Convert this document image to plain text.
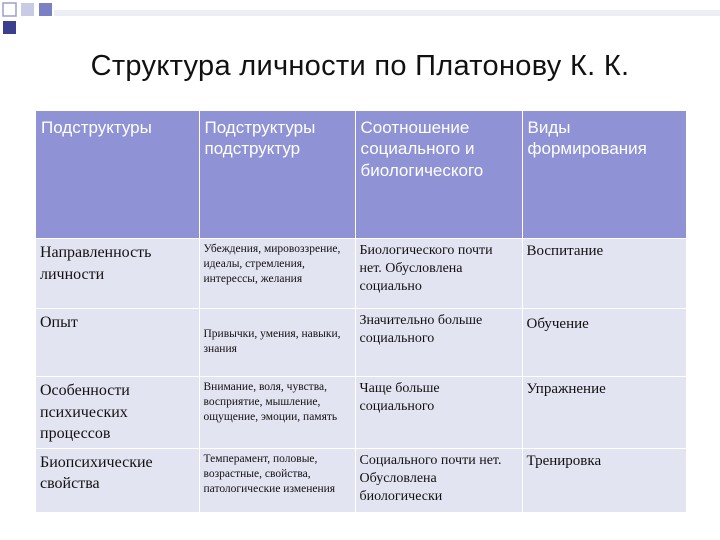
Структура личности по Платонову К. К.
Подструктуры	Подструктуры подструктур	Соотношение социального и биологического	Виды формирования
Направленность личности	Убеждения, мировоззрение, идеалы, стремления, интерессы, желания	Биологического почти нет. Обусловлена социально	Воспитание
Опыт	Привычки, умения, навыки, знания	Значительно больше социального	Обучение
Особенности психических процессов	Внимание, воля, чувства, восприятие, мышление, ощущение, эмоции, память	Чаще больше социального	Упражнение
Биопсихические свойства	Темперамент, половые, возрастные, свойства, патологические изменения	Социального почти нет. Обусловлена биологически	Тренировка
